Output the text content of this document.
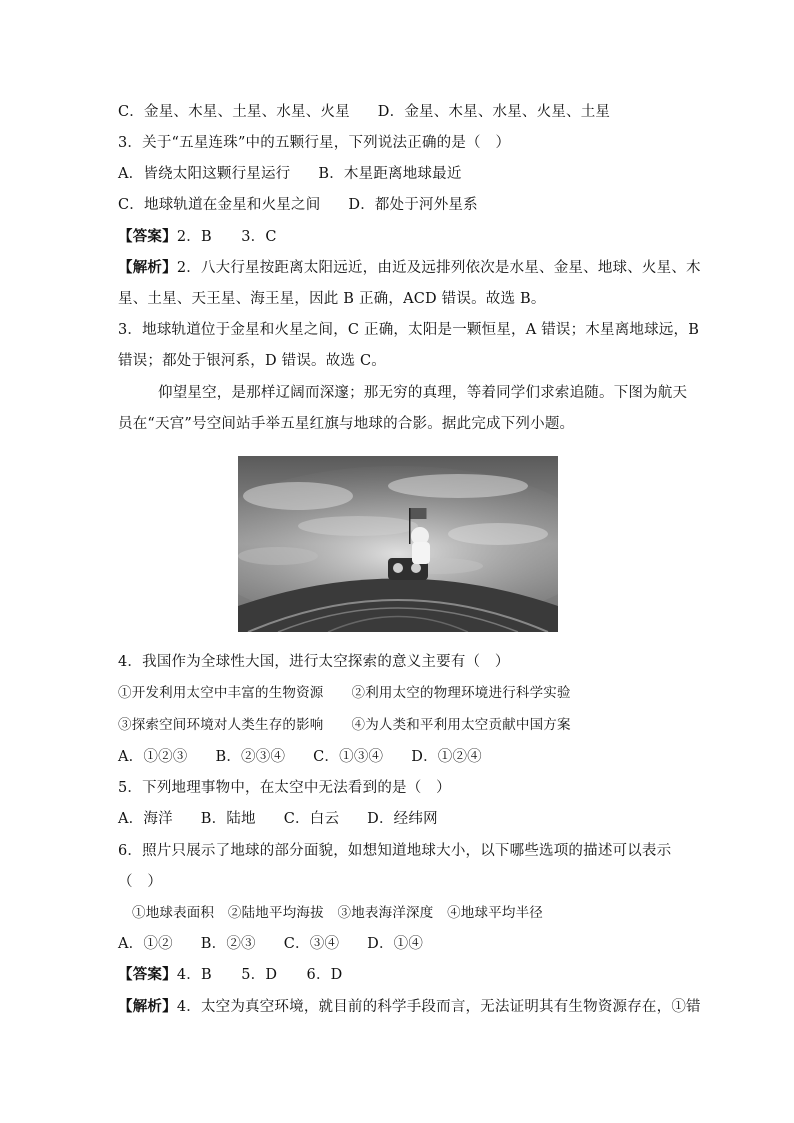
C．金星、木星、土星、水星、火星 D．金星、木星、水星、火星、土星
3．关于“五星连珠”中的五颗行星，下列说法正确的是（　）
A．皆绕太阳这颗行星运行 B．木星距离地球最近
C．地球轨道在金星和火星之间 D．都处于河外星系
【答案】2．B　　3．C
【解析】2．八大行星按距离太阳远近，由近及远排列依次是水星、金星、地球、火星、木
星、土星、天王星、海王星，因此 B 正确，ACD 错误。故选 B。
3．地球轨道位于金星和火星之间，C 正确，太阳是一颗恒星，A 错误；木星离地球远，B
错误；都处于银河系，D 错误。故选 C。
仰望星空，是那样辽阔而深邃；那无穷的真理，等着同学们求索追随。下图为航天
员在“天宫”号空间站手举五星红旗与地球的合影。据此完成下列小题。
4．我国作为全球性大国，进行太空探索的意义主要有（　）
①开发利用太空中丰富的生物资源 ②利用太空的物理环境进行科学实验
③探索空间环境对人类生存的影响 ④为人类和平利用太空贡献中国方案
A．①②③ B．②③④ C．①③④ D．①②④
5．下列地理事物中，在太空中无法看到的是（　）
A．海洋 B．陆地 C．白云 D．经纬网
6．照片只展示了地球的部分面貌，如想知道地球大小，以下哪些选项的描述可以表示
（　）
①地球表面积　②陆地平均海拔　③地表海洋深度　④地球平均半径
A．①② B．②③ C．③④ D．①④
【答案】4．B　　5．D　　6．D
【解析】4．太空为真空环境，就目前的科学手段而言，无法证明其有生物资源存在，①错
